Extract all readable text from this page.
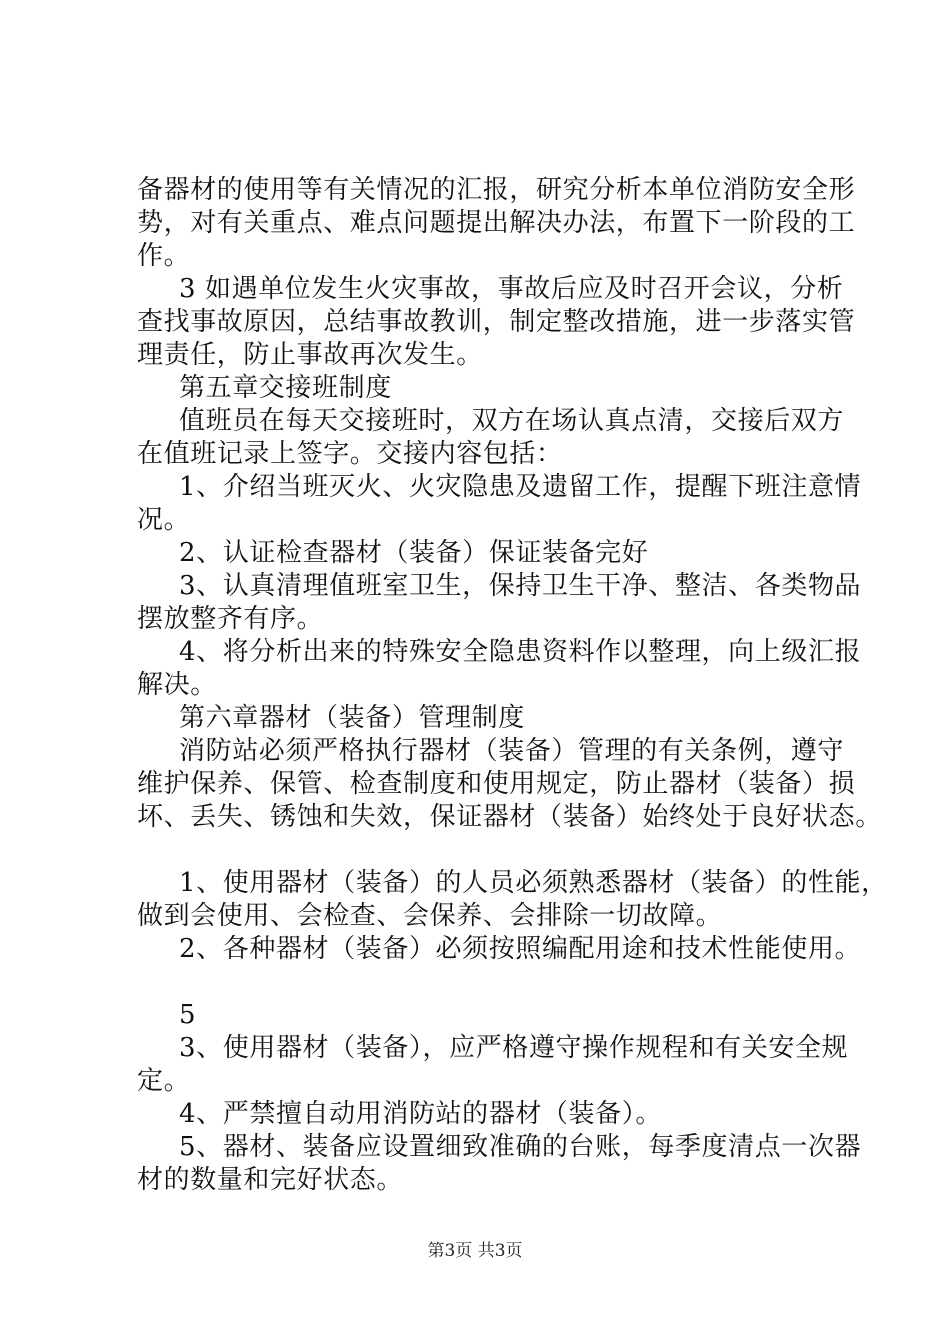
备器材的使用等有关情况的汇报，研究分析本单位消防安全形
势，对有关重点、难点问题提出解决办法，布置下一阶段的工
作。
3 如遇单位发生火灾事故，事故后应及时召开会议，分析
查找事故原因，总结事故教训，制定整改措施，进一步落实管
理责任，防止事故再次发生。
第五章交接班制度
值班员在每天交接班时，双方在场认真点清，交接后双方
在值班记录上签字。交接内容包括：
1、介绍当班灭火、火灾隐患及遗留工作，提醒下班注意情
况。
2、认证检查器材（装备）保证装备完好
3、认真清理值班室卫生，保持卫生干净、整洁、各类物品
摆放整齐有序。
4、将分析出来的特殊安全隐患资料作以整理，向上级汇报
解决。
第六章器材（装备）管理制度
消防站必须严格执行器材（装备）管理的有关条例，遵守
维护保养、保管、检查制度和使用规定，防止器材（装备）损
坏、丢失、锈蚀和失效，保证器材（装备）始终处于良好状态。
1、使用器材（装备）的人员必须熟悉器材（装备）的性能，
做到会使用、会检查、会保养、会排除一切故障。
2、各种器材（装备）必须按照编配用途和技术性能使用。
5
3、使用器材（装备），应严格遵守操作规程和有关安全规
定。
4、严禁擅自动用消防站的器材（装备）。
5、器材、装备应设置细致准确的台账，每季度清点一次器
材的数量和完好状态。
第3页 共3页
